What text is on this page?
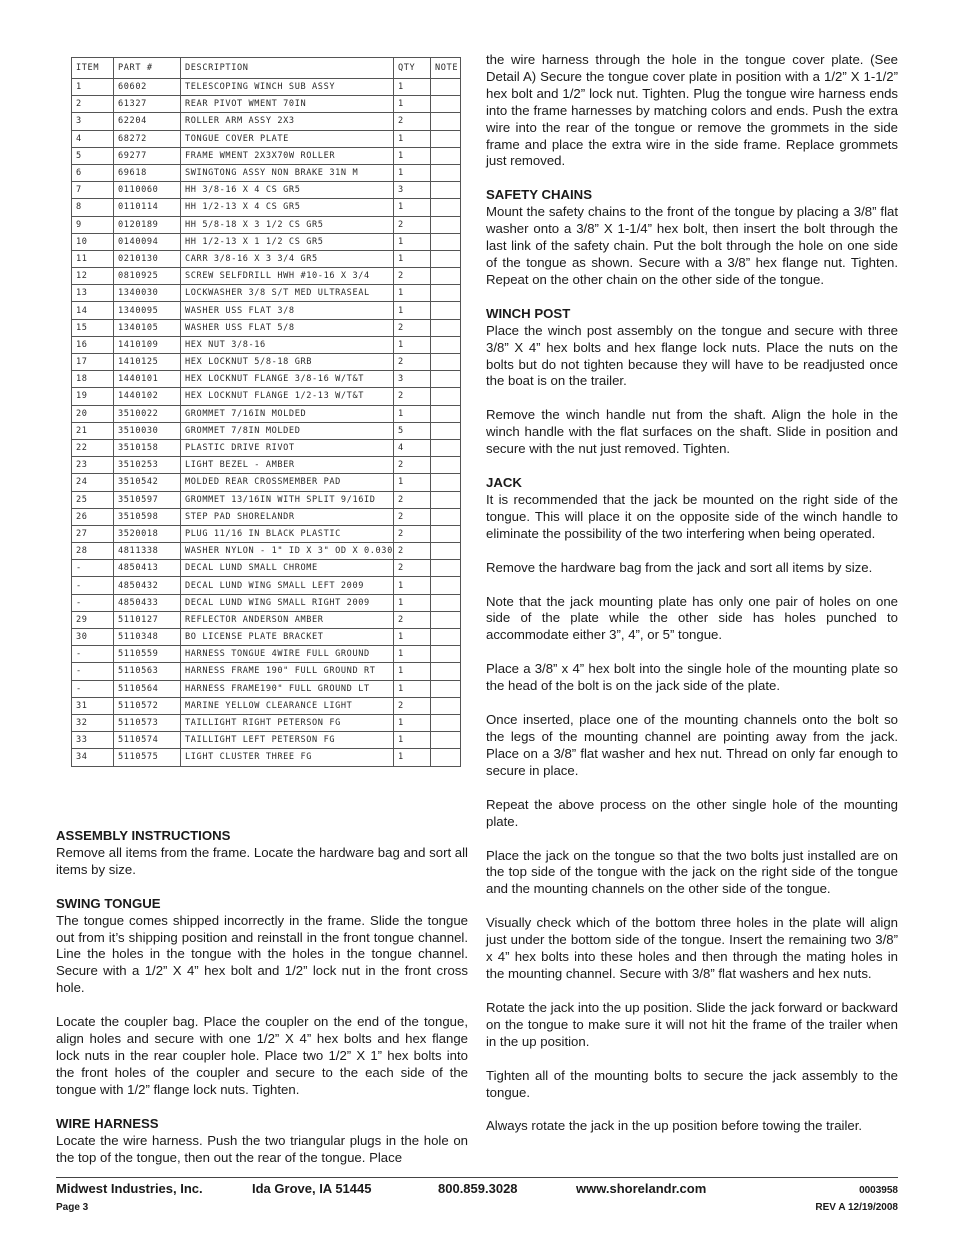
ITEM	PART #	DESCRIPTION	QTY	NOTE
1	60602	TELESCOPING WINCH SUB ASSY	1	
2	61327	REAR PIVOT WMENT 70IN	1	
3	62204	ROLLER ARM ASSY 2X3	2	
4	68272	TONGUE COVER PLATE	1	
5	69277	FRAME WMENT 2X3X70W ROLLER	1	
6	69618	SWINGTONG ASSY NON BRAKE 31N M	1	
7	0110060	HH 3/8-16 X 4 CS GR5	3	
8	0110114	HH 1/2-13 X 4 CS GR5	1	
9	0120189	HH 5/8-18 X 3 1/2 CS GR5	2	
10	0140094	HH 1/2-13 X 1 1/2 CS GR5	1	
11	0210130	CARR 3/8-16 X 3 3/4 GR5	1	
12	0810925	SCREW SELFDRILL HWH #10-16 X 3/4	2	
13	1340030	LOCKWASHER 3/8 S/T MED ULTRASEAL	1	
14	1340095	WASHER USS FLAT 3/8	1	
15	1340105	WASHER USS FLAT 5/8	2	
16	1410109	HEX NUT 3/8-16	1	
17	1410125	HEX LOCKNUT 5/8-18 GRB	2	
18	1440101	HEX LOCKNUT FLANGE 3/8-16 W/T&T	3	
19	1440102	HEX LOCKNUT FLANGE 1/2-13 W/T&T	2	
20	3510022	GROMMET 7/16IN MOLDED	1	
21	3510030	GROMMET 7/8IN MOLDED	5	
22	3510158	PLASTIC DRIVE RIVOT	4	
23	3510253	LIGHT BEZEL - AMBER	2	
24	3510542	MOLDED REAR CROSSMEMBER PAD	1	
25	3510597	GROMMET 13/16IN WITH SPLIT 9/16ID	2	
26	3510598	STEP PAD SHORELANDR	2	
27	3520018	PLUG 11/16 IN BLACK PLASTIC	2	
28	4811338	WASHER NYLON - 1" ID X 3" OD X 0.030	2	
-	4850413	DECAL LUND SMALL CHROME	2	
-	4850432	DECAL LUND WING SMALL LEFT 2009	1	
-	4850433	DECAL LUND WING SMALL RIGHT 2009	1	
29	5110127	REFLECTOR ANDERSON AMBER	2	
30	5110348	BO LICENSE PLATE BRACKET	1	
-	5110559	HARNESS TONGUE 4WIRE FULL GROUND	1	
-	5110563	HARNESS FRAME 190" FULL GROUND RT	1	
-	5110564	HARNESS FRAME190" FULL GROUND LT	1	
31	5110572	MARINE YELLOW CLEARANCE LIGHT	2	
32	5110573	TAILLIGHT RIGHT PETERSON FG	1	
33	5110574	TAILLIGHT LEFT PETERSON FG	1	
34	5110575	LIGHT CLUSTER THREE FG	1	
ASSEMBLY INSTRUCTIONS

Remove all items from the frame. Locate the hardware bag and sort all items by size.

SWING TONGUE

The tongue comes shipped incorrectly in the frame. Slide the tongue out from it’s shipping position and reinstall in the front tongue channel. Line the holes in the tongue with the holes in the tongue channel. Secure with a 1/2” X 4” hex bolt and 1/2” lock nut in the front cross hole.

Locate the coupler bag. Place the coupler on the end of the tongue, align holes and secure with one 1/2” X 4” hex bolts and hex flange lock nuts in the rear coupler hole. Place two 1/2” X 1” hex bolts into the front holes of the coupler and secure to the each side of the tongue with 1/2” flange lock nuts. Tighten.

WIRE HARNESS

Locate the wire harness. Push the two triangular plugs in the hole on the top of the tongue, then out the rear of the tongue. Place

the wire harness through the hole in the tongue cover plate. (See Detail A) Secure the tongue cover plate in position with a 1/2” X 1-1/2” hex bolt and 1/2” lock nut. Tighten. Plug the tongue wire harness ends into the frame harnesses by matching colors and ends. Push the extra wire into the rear of the tongue or remove the grommets in the side frame and place the extra wire in the side frame. Replace grommets just removed.

SAFETY CHAINS

Mount the safety chains to the front of the tongue by placing a 3/8” flat washer onto a 3/8” X 1-1/4” hex bolt, then insert the bolt through the last link of the safety chain. Put the bolt through the hole on one side of the tongue as shown. Secure with a 3/8” hex flange nut. Tighten. Repeat on the other chain on the other side of the tongue.

WINCH POST

Place the winch post assembly on the tongue and secure with three 3/8” X 4” hex bolts and hex flange lock nuts. Place the nuts on the bolts but do not tighten because they will have to be readjusted once the boat is on the trailer.

Remove the winch handle nut from the shaft. Align the hole in the winch handle with the flat surfaces on the shaft. Slide in position and secure with the nut just removed. Tighten.

JACK

It is recommended that the jack be mounted on the right side of the tongue. This will place it on the opposite side of the winch handle to eliminate the possibility of the two interfering when being operated.

Remove the hardware bag from the jack and sort all items by size.

Note that the jack mounting plate has only one pair of holes on one side of the plate while the other side has holes punched to accommodate either 3”, 4”, or 5” tongue.

Place a 3/8” x 4” hex bolt into the single hole of the mounting plate so the head of the bolt is on the jack side of the plate.

Once inserted, place one of the mounting channels onto the bolt so the legs of the mounting channel are pointing away from the jack. Place on a 3/8” flat washer and hex nut. Thread on only far enough to secure in place.

Repeat the above process on the other single hole of the mounting plate.

Place the jack on the tongue so that the two bolts just installed are on the top side of the tongue with the jack on the right side of the tongue and the mounting channels on the other side of the tongue.

Visually check which of the bottom three holes in the plate will align just under the bottom side of the tongue. Insert the remaining two 3/8” x 4” hex bolts into these holes and then through the mating holes in the mounting channel. Secure with 3/8” flat washers and hex nuts.

Rotate the jack into the up position. Slide the jack forward or backward on the tongue to make sure it will not hit the frame of the trailer when in the up position.

Tighten all of the mounting bolts to secure the jack assembly to the tongue.

Always rotate the jack in the up position before towing the trailer.

Midwest Industries, Inc.	Ida Grove, IA 51445	800.859.3028	www.shorelandr.com	0003958
Page 3	REV A 12/19/2008
